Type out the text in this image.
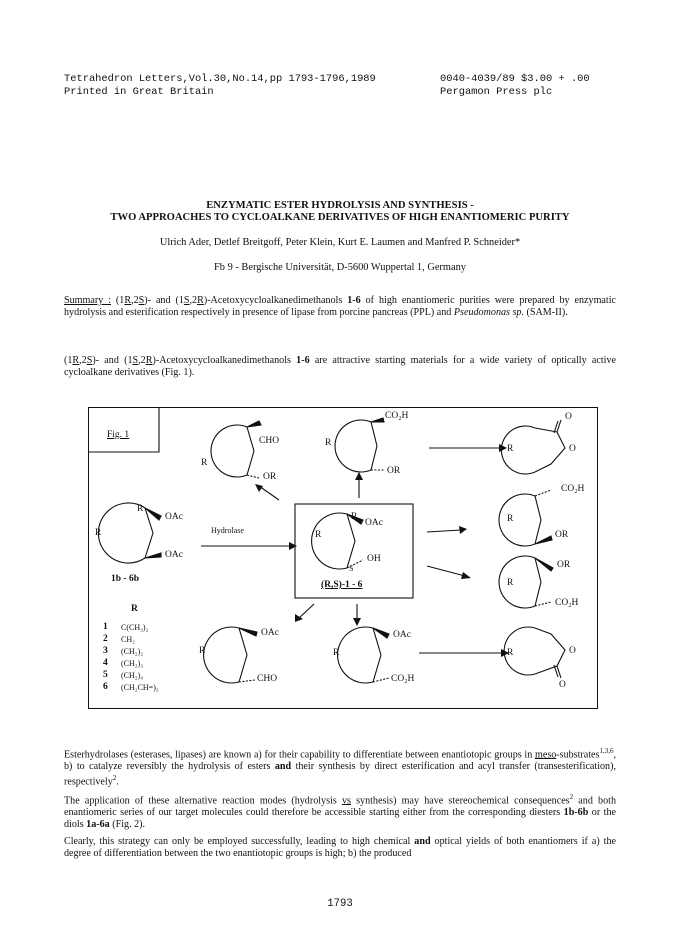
Tetrahedron Letters,Vol.30,No.14,pp 1793-1796,1989
Printed in Great Britain
0040-4039/89 $3.00 + .00
Pergamon Press plc
ENZYMATIC ESTER HYDROLYSIS AND SYNTHESIS -
TWO APPROACHES TO CYCLOALKANE DERIVATIVES OF HIGH ENANTIOMERIC PURITY
Ulrich Ader, Detlef Breitgoff, Peter Klein, Kurt E. Laumen and Manfred P. Schneider*
Fb 9 - Bergische Universität, D-5600 Wuppertal 1, Germany
Summary : (1R,2S)- and (1S,2R)-Acetoxycycloalkanedimethanols 1-6 of high enantiomeric purities were prepared by enzymatic hydrolysis and esterification respectively in presence of lipase from porcine pancreas (PPL) and Pseudomonas sp. (SAM-II).
(1R,2S)- and (1S,2R)-Acetoxycycloalkanedimethanols 1-6 are attractive starting materials for a wide variety of optically active cycloalkane derivatives (Fig. 1).
Fig. 1
CHO
R
OR
CO₂H
R
OR
O
R	O
CO₂H
R
OR
OR
R
CO₂H
R
OAc
R
OAc
1b - 6b
Hydrolase
R
OAc
R
OH
S
(R,S)-1 - 6
R
1 C(CH₃)₂
2 CH₂
3 (CH₂)₂
4 (CH₂)₃
5 (CH₂)₄
6 (CH₂CH=)₂
OAc
R
CHO
OAc
R
CO₂H
R	O
O
Esterhydrolases (esterases, lipases) are known a) for their capability to differentiate between enantiotopic groups in meso-substrates$^{1,3,6}$, b) to catalyze reversibly the hydrolysis of esters and their synthesis by direct esterification and acyl transfer (transesterification), respectively$^2$.
The application of these alternative reaction modes (hydrolysis vs synthesis) may have stereochemical consequences$^2$ and both enantiomeric series of our target molecules could therefore be accessible starting either from the corresponding diesters 1b-6b or the diols 1a-6a (Fig. 2).
Clearly, this strategy can only be employed successfully, leading to high chemical and optical yields of both enantiomers if a) the degree of differentiation between the two enantiotopic groups is high; b) the produced
1793
